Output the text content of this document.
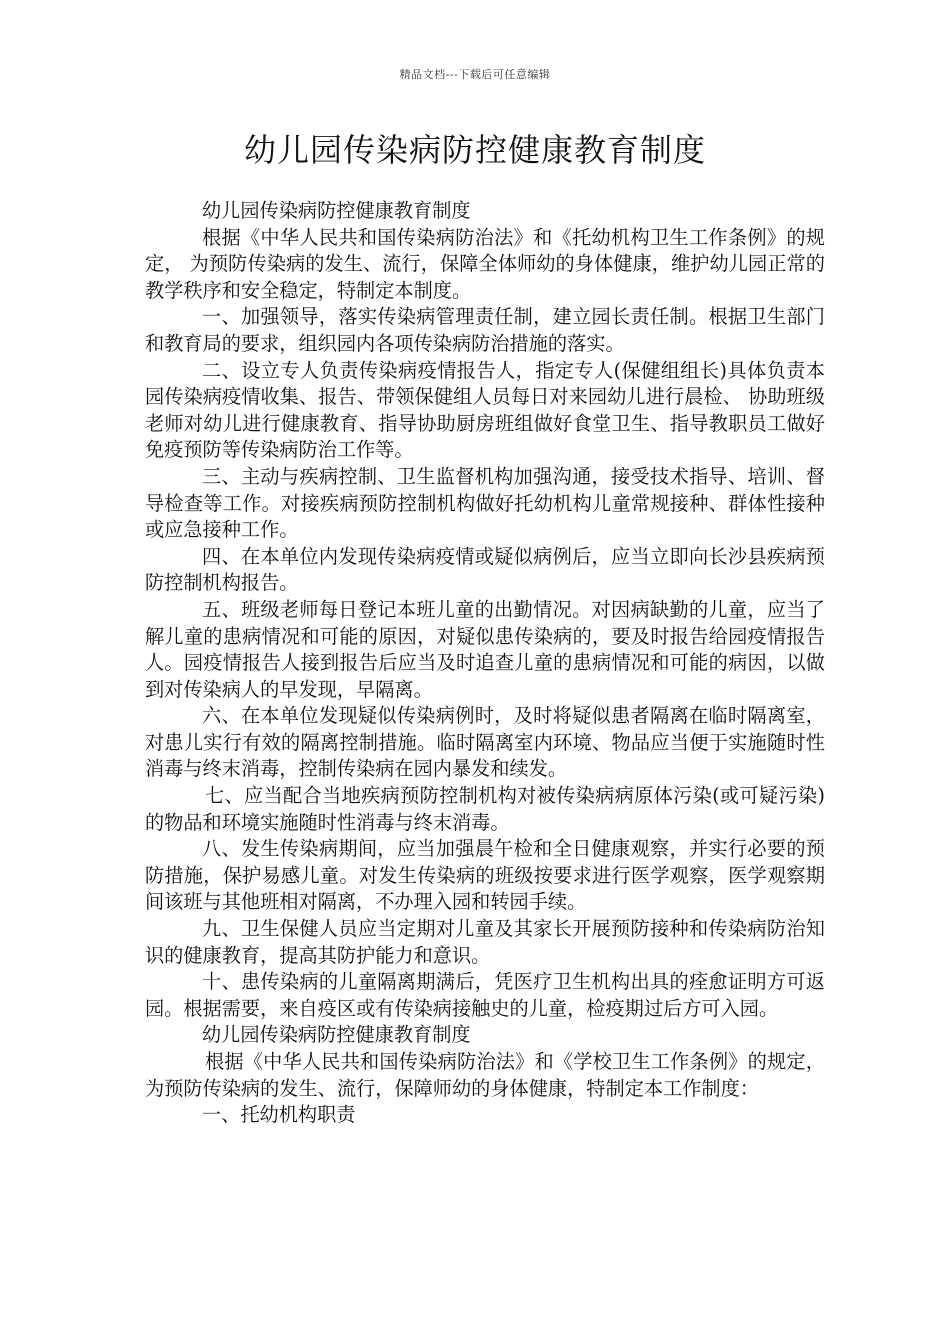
精品文档---下载后可任意编辑
幼儿园传染病防控健康教育制度

幼儿园传染病防控健康教育制度

根据《中华人民共和国传染病防治法》和《托幼机构卫生工作条例》的规定， 为预防传染病的发生、流行，保障全体师幼的身体健康，维护幼儿园正常的教学秩序和安全稳定，特制定本制度。

一、加强领导，落实传染病管理责任制，建立园长责任制。根据卫生部门和教育局的要求，组织园内各项传染病防治措施的落实。

二、设立专人负责传染病疫情报告人，指定专人(保健组组长)具体负责本园传染病疫情收集、报告、带领保健组人员每日对来园幼儿进行晨检、 协助班级老师对幼儿进行健康教育、指导协助厨房班组做好食堂卫生、指导教职员工做好免疫预防等传染病防治工作等。

三、主动与疾病控制、卫生监督机构加强沟通，接受技术指导、培训、督导检查等工作。对接疾病预防控制机构做好托幼机构儿童常规接种、群体性接种或应急接种工作。

四、在本单位内发现传染病疫情或疑似病例后，应当立即向长沙县疾病预防控制机构报告。

五、班级老师每日登记本班儿童的出勤情况。对因病缺勤的儿童，应当了解儿童的患病情况和可能的原因，对疑似患传染病的，要及时报告给园疫情报告人。园疫情报告人接到报告后应当及时追查儿童的患病情况和可能的病因，以做到对传染病人的早发现，早隔离。

六、在本单位发现疑似传染病例时，及时将疑似患者隔离在临时隔离室，对患儿实行有效的隔离控制措施。临时隔离室内环境、物品应当便于实施随时性消毒与终末消毒，控制传染病在园内暴发和续发。

七、应当配合当地疾病预防控制机构对被传染病病原体污染(或可疑污染) 的物品和环境实施随时性消毒与终末消毒。

八、发生传染病期间，应当加强晨午检和全日健康观察，并实行必要的预防措施，保护易感儿童。对发生传染病的班级按要求进行医学观察，医学观察期间该班与其他班相对隔离，不办理入园和转园手续。

九、卫生保健人员应当定期对儿童及其家长开展预防接种和传染病防治知识的健康教育，提高其防护能力和意识。

十、患传染病的儿童隔离期满后，凭医疗卫生机构出具的痊愈证明方可返园。根据需要，来自疫区或有传染病接触史的儿童，检疫期过后方可入园。

幼儿园传染病防控健康教育制度

根据《中华人民共和国传染病防治法》和《学校卫生工作条例》的规定，为预防传染病的发生、流行，保障师幼的身体健康，特制定本工作制度：

一、托幼机构职责
